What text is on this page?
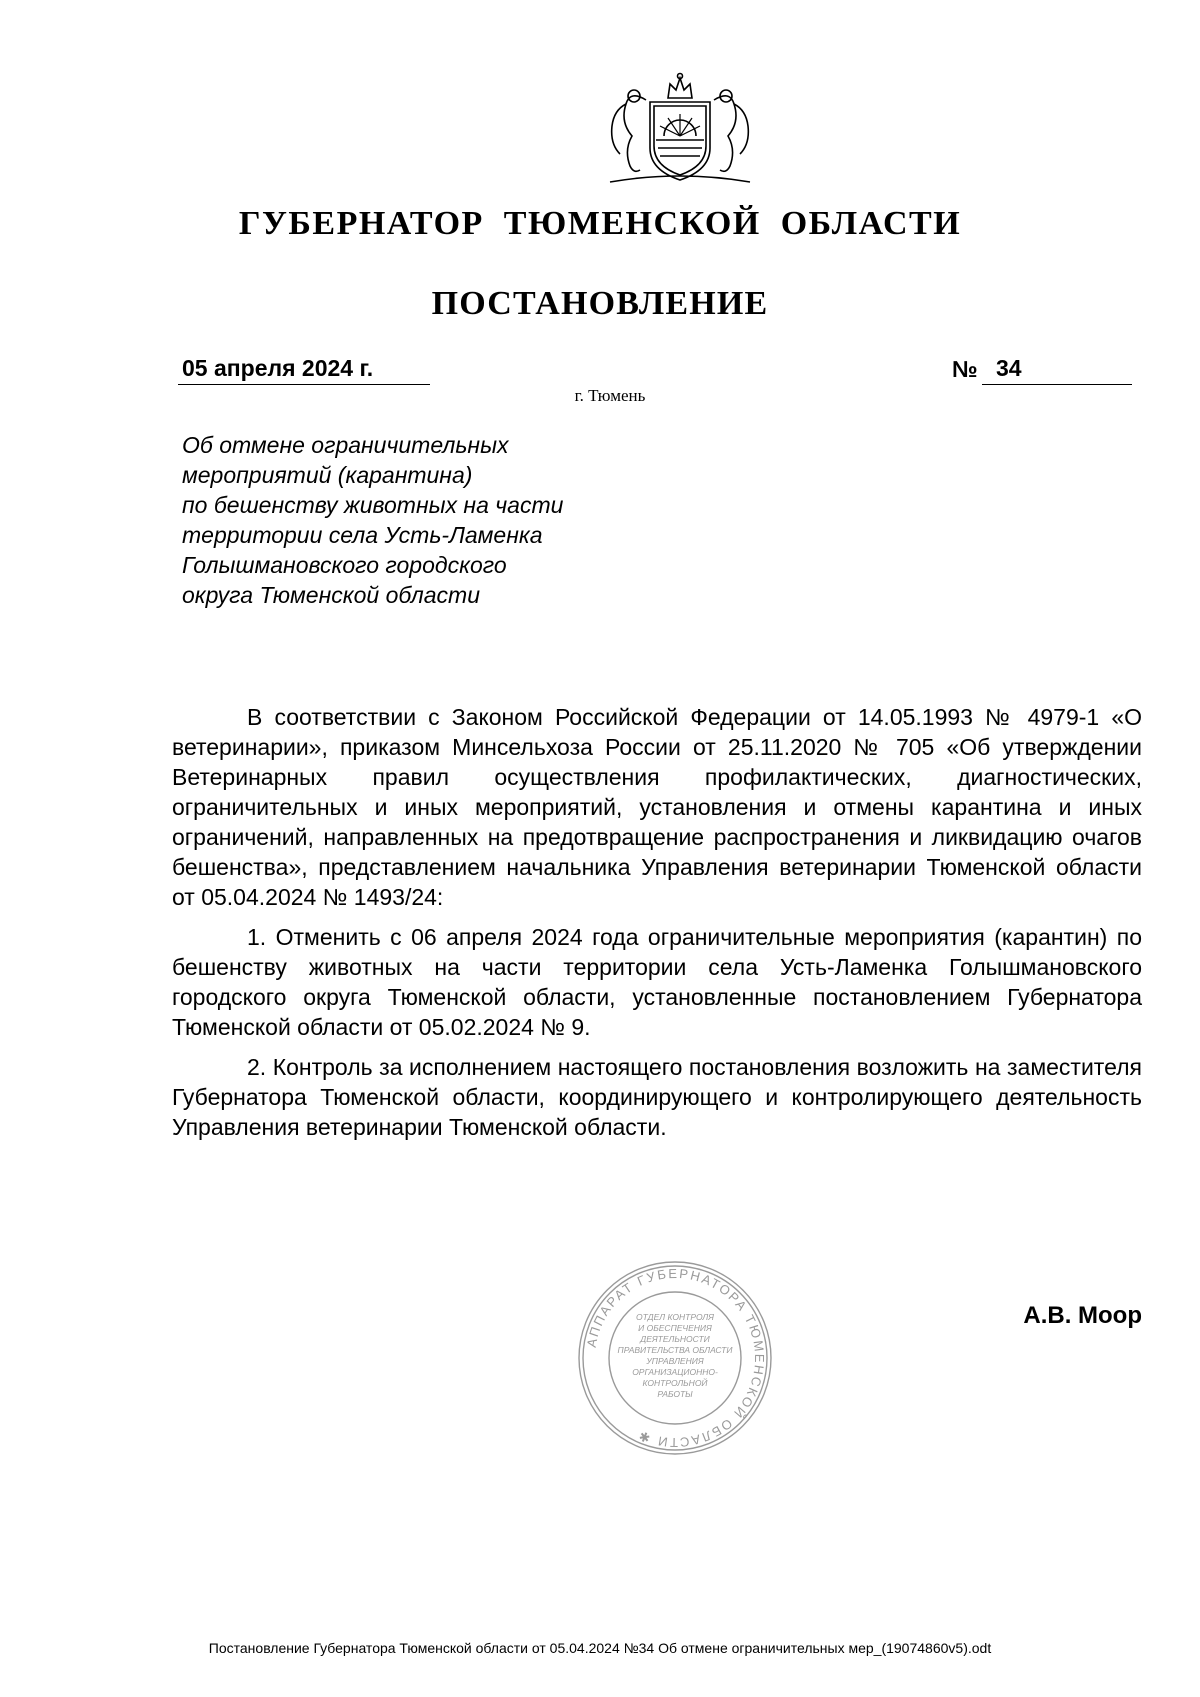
ГУБЕРНАТОР ТЮМЕНСКОЙ ОБЛАСТИ
ПОСТАНОВЛЕНИЕ
05 апреля 2024 г.	№ 34
г. Тюмень
Об отмене ограничительных
мероприятий (карантина)
по бешенству животных на части
территории села Усть-Ламенка
Голышмановского городского
округа Тюменской области

В соответствии с Законом Российской Федерации от 14.05.1993 № 4979-1 «О ветеринарии», приказом Минсельхоза России от 25.11.2020 № 705 «Об утверждении Ветеринарных правил осуществления профилактических, диагностических, ограничительных и иных мероприятий, установления и отмены карантина и иных ограничений, направленных на предотвращение распространения и ликвидацию очагов бешенства», представлением начальника Управления ветеринарии Тюменской области от 05.04.2024 № 1493/24:

1. Отменить с 06 апреля 2024 года ограничительные мероприятия (карантин) по бешенству животных на части территории села Усть-Ламенка Голышмановского городского округа Тюменской области, установленные постановлением Губернатора Тюменской области от 05.02.2024 № 9.

2. Контроль за исполнением настоящего постановления возложить на заместителя Губернатора Тюменской области, координирующего и контролирующего деятельность Управления ветеринарии Тюменской области.

АППАРАТ ГУБЕРНАТОРА ТЮМЕНСКОЙ ОБЛАСТИ ✱
ОТДЕЛ КОНТРОЛЯ
И ОБЕСПЕЧЕНИЯ
ДЕЯТЕЛЬНОСТИ
ПРАВИТЕЛЬСТВА ОБЛАСТИ
УПРАВЛЕНИЯ
ОРГАНИЗАЦИОННО-
КОНТРОЛЬНОЙ
РАБОТЫ
А.В. Моор
Постановление Губернатора Тюменской области от 05.04.2024 №34 Об отмене ограничительных мер_(19074860v5).odt
